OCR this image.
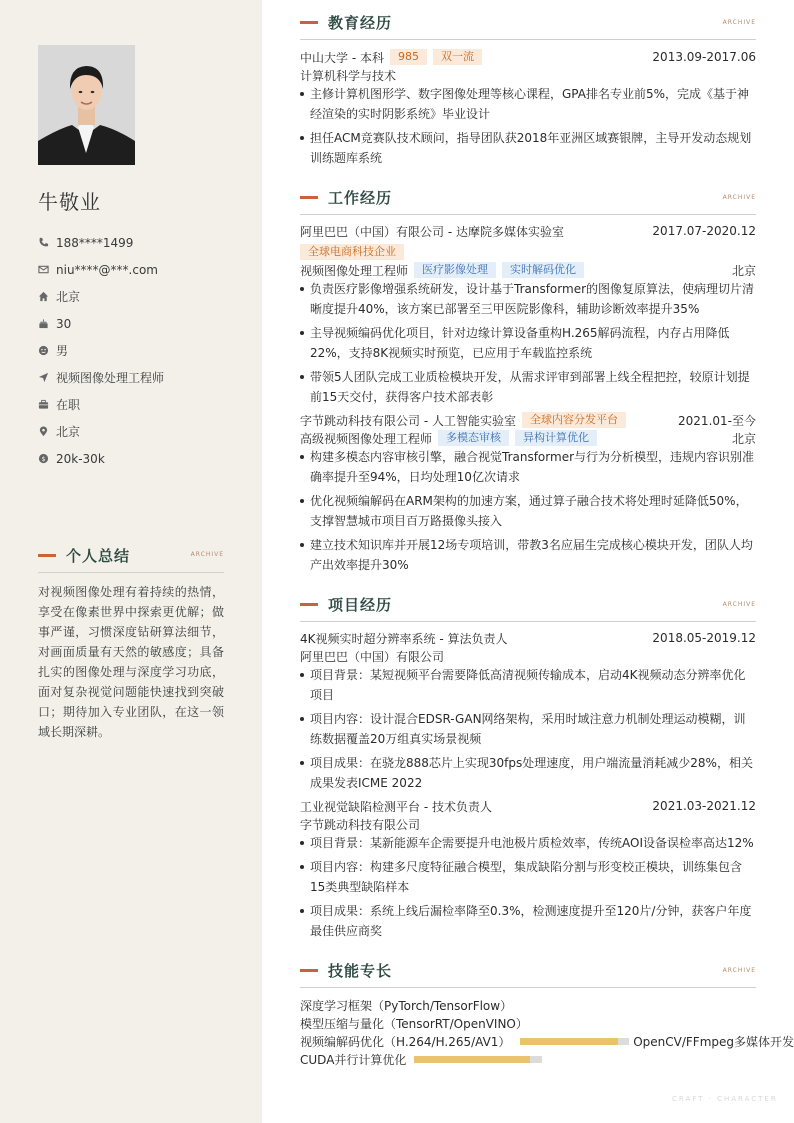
牛敬业
188****1499
niu****@***.com
北京
30
男
视频图像处理工程师
在职
北京
$ 20k-30k
个人总结	ARCHIVE
对视频图像处理有着持续的热情，享受在像素世界中探索更优解；做事严谨，习惯深度钻研算法细节，对画面质量有天然的敏感度；具备扎实的图像处理与深度学习功底，面对复杂视觉问题能快速找到突破口；期待加入专业团队，在这一领域长期深耕。
教育经历	ARCHIVE
中山大学 - 本科	985	双一流	2013.09-2017.06
计算机科学与技术
主修计算机图形学、数字图像处理等核心课程，GPA排名专业前5%，完成《基于神经渲染的实时阴影系统》毕业设计
担任ACM竞赛队技术顾问，指导团队获2018年亚洲区域赛银牌，主导开发动态规划训练题库系统
工作经历	ARCHIVE
阿里巴巴（中国）有限公司 - 达摩院多媒体实验室	2017.07-2020.12
全球电商科技企业
视频图像处理工程师	医疗影像处理	实时解码优化	北京
负责医疗影像增强系统研发，设计基于Transformer的图像复原算法，使病理切片清晰度提升40%，该方案已部署至三甲医院影像科，辅助诊断效率提升35%
主导视频编码优化项目，针对边缘计算设备重构H.265解码流程，内存占用降低22%，支持8K视频实时预览，已应用于车载监控系统
带领5人团队完成工业质检模块开发，从需求评审到部署上线全程把控，较原计划提前15天交付，获得客户技术部表彰
字节跳动科技有限公司 - 人工智能实验室	全球内容分发平台	2021.01-至今
高级视频图像处理工程师	多模态审核	异构计算优化	北京
构建多模态内容审核引擎，融合视觉Transformer与行为分析模型，违规内容识别准确率提升至94%，日均处理10亿次请求
优化视频编解码在ARM架构的加速方案，通过算子融合技术将处理时延降低50%，支撑智慧城市项目百万路摄像头接入
建立技术知识库并开展12场专项培训，带教3名应届生完成核心模块开发，团队人均产出效率提升30%
项目经历	ARCHIVE
4K视频实时超分辨率系统 - 算法负责人	2018.05-2019.12
阿里巴巴（中国）有限公司
项目背景：某短视频平台需要降低高清视频传输成本，启动4K视频动态分辨率优化项目
项目内容：设计混合EDSR-GAN网络架构，采用时域注意力机制处理运动模糊，训练数据覆盖20万组真实场景视频
项目成果：在骁龙888芯片上实现30fps处理速度，用户端流量消耗减少28%，相关成果发表ICME 2022
工业视觉缺陷检测平台 - 技术负责人	2021.03-2021.12
字节跳动科技有限公司
项目背景：某新能源车企需要提升电池极片质检效率，传统AOI设备误检率高达12%
项目内容：构建多尺度特征融合模型，集成缺陷分割与形变校正模块，训练集包含15类典型缺陷样本
项目成果：系统上线后漏检率降至0.3%，检测速度提升至120片/分钟，获客户年度最佳供应商奖
技能专长	ARCHIVE
深度学习框架（PyTorch/TensorFlow）
模型压缩与量化（TensorRT/OpenVINO）
视频编解码优化（H.264/H.265/AV1）	OpenCV/FFmpeg多媒体开发
CUDA并行计算优化
CRAFT · CHARACTER
